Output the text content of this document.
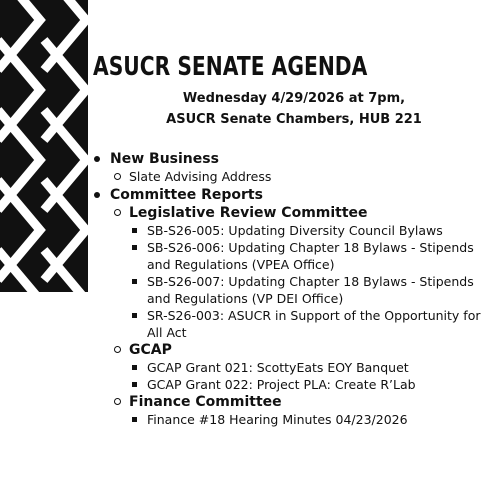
ASUCR SENATE AGENDA
Wednesday 4/29/2026 at 7pm,
ASUCR Senate Chambers, HUB 221
New Business
Slate Advising Address
Committee Reports
Legislative Review Committee
SB-S26-005: Updating Diversity Council Bylaws
SB-S26-006: Updating Chapter 18 Bylaws - Stipends and Regulations (VPEA Office)
SB-S26-007: Updating Chapter 18 Bylaws - Stipends and Regulations (VP DEI Office)
SR-S26-003: ASUCR in Support of the Opportunity for All Act
GCAP
GCAP Grant 021: ScottyEats EOY Banquet
GCAP Grant 022: Project PLA: Create R’Lab
Finance Committee
Finance #18 Hearing Minutes 04/23/2026
